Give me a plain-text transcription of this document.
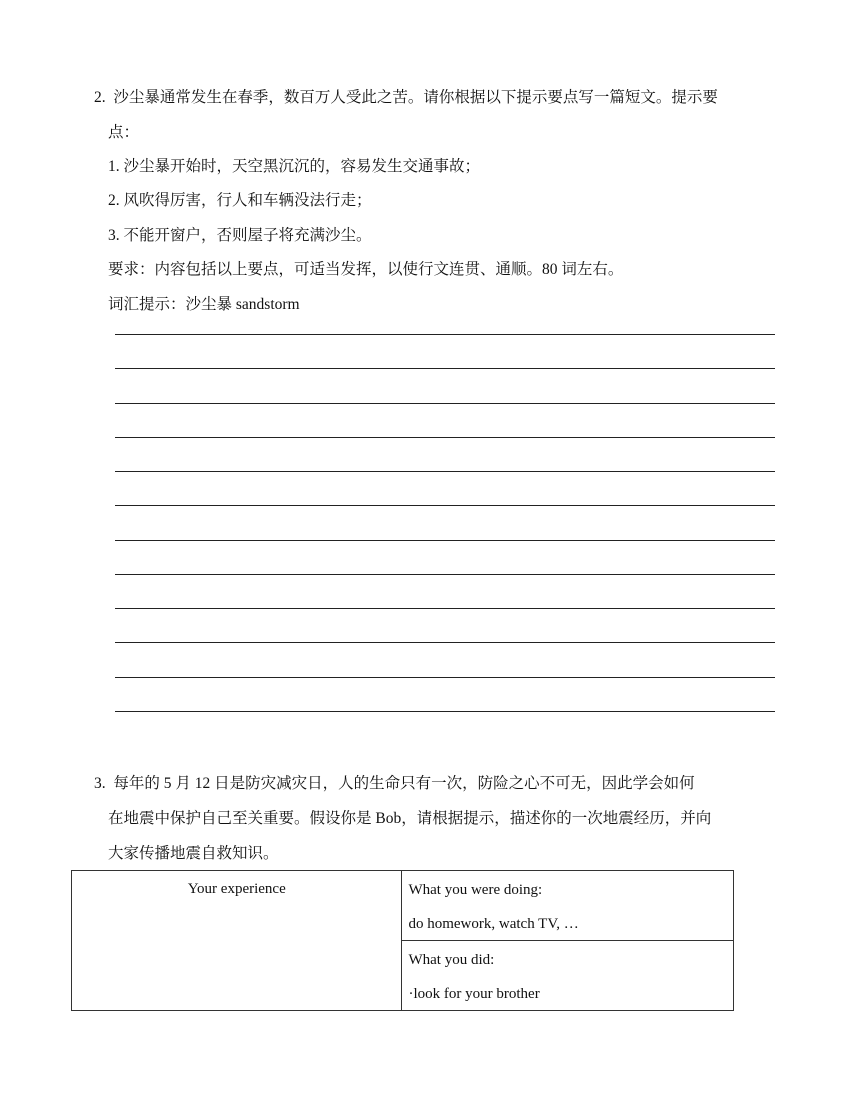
2. 沙尘暴通常发生在春季，数百万人受此之苦。请你根据以下提示要点写一篇短文。提示要
点：
1. 沙尘暴开始时，天空黑沉沉的，容易发生交通事故；
2. 风吹得厉害，行人和车辆没法行走；
3. 不能开窗户，否则屋子将充满沙尘。
要求：内容包括以上要点，可适当发挥，以使行文连贯、通顺。80 词左右。
词汇提示：沙尘暴 sandstorm
3. 每年的 5 月 12 日是防灾减灾日，人的生命只有一次，防险之心不可无，因此学会如何
在地震中保护自己至关重要。假设你是 Bob，请根据提示，描述你的一次地震经历，并向
大家传播地震自救知识。
Your experience	What you were doing:
do homework, watch TV, …

What you did:
·look for your brother
